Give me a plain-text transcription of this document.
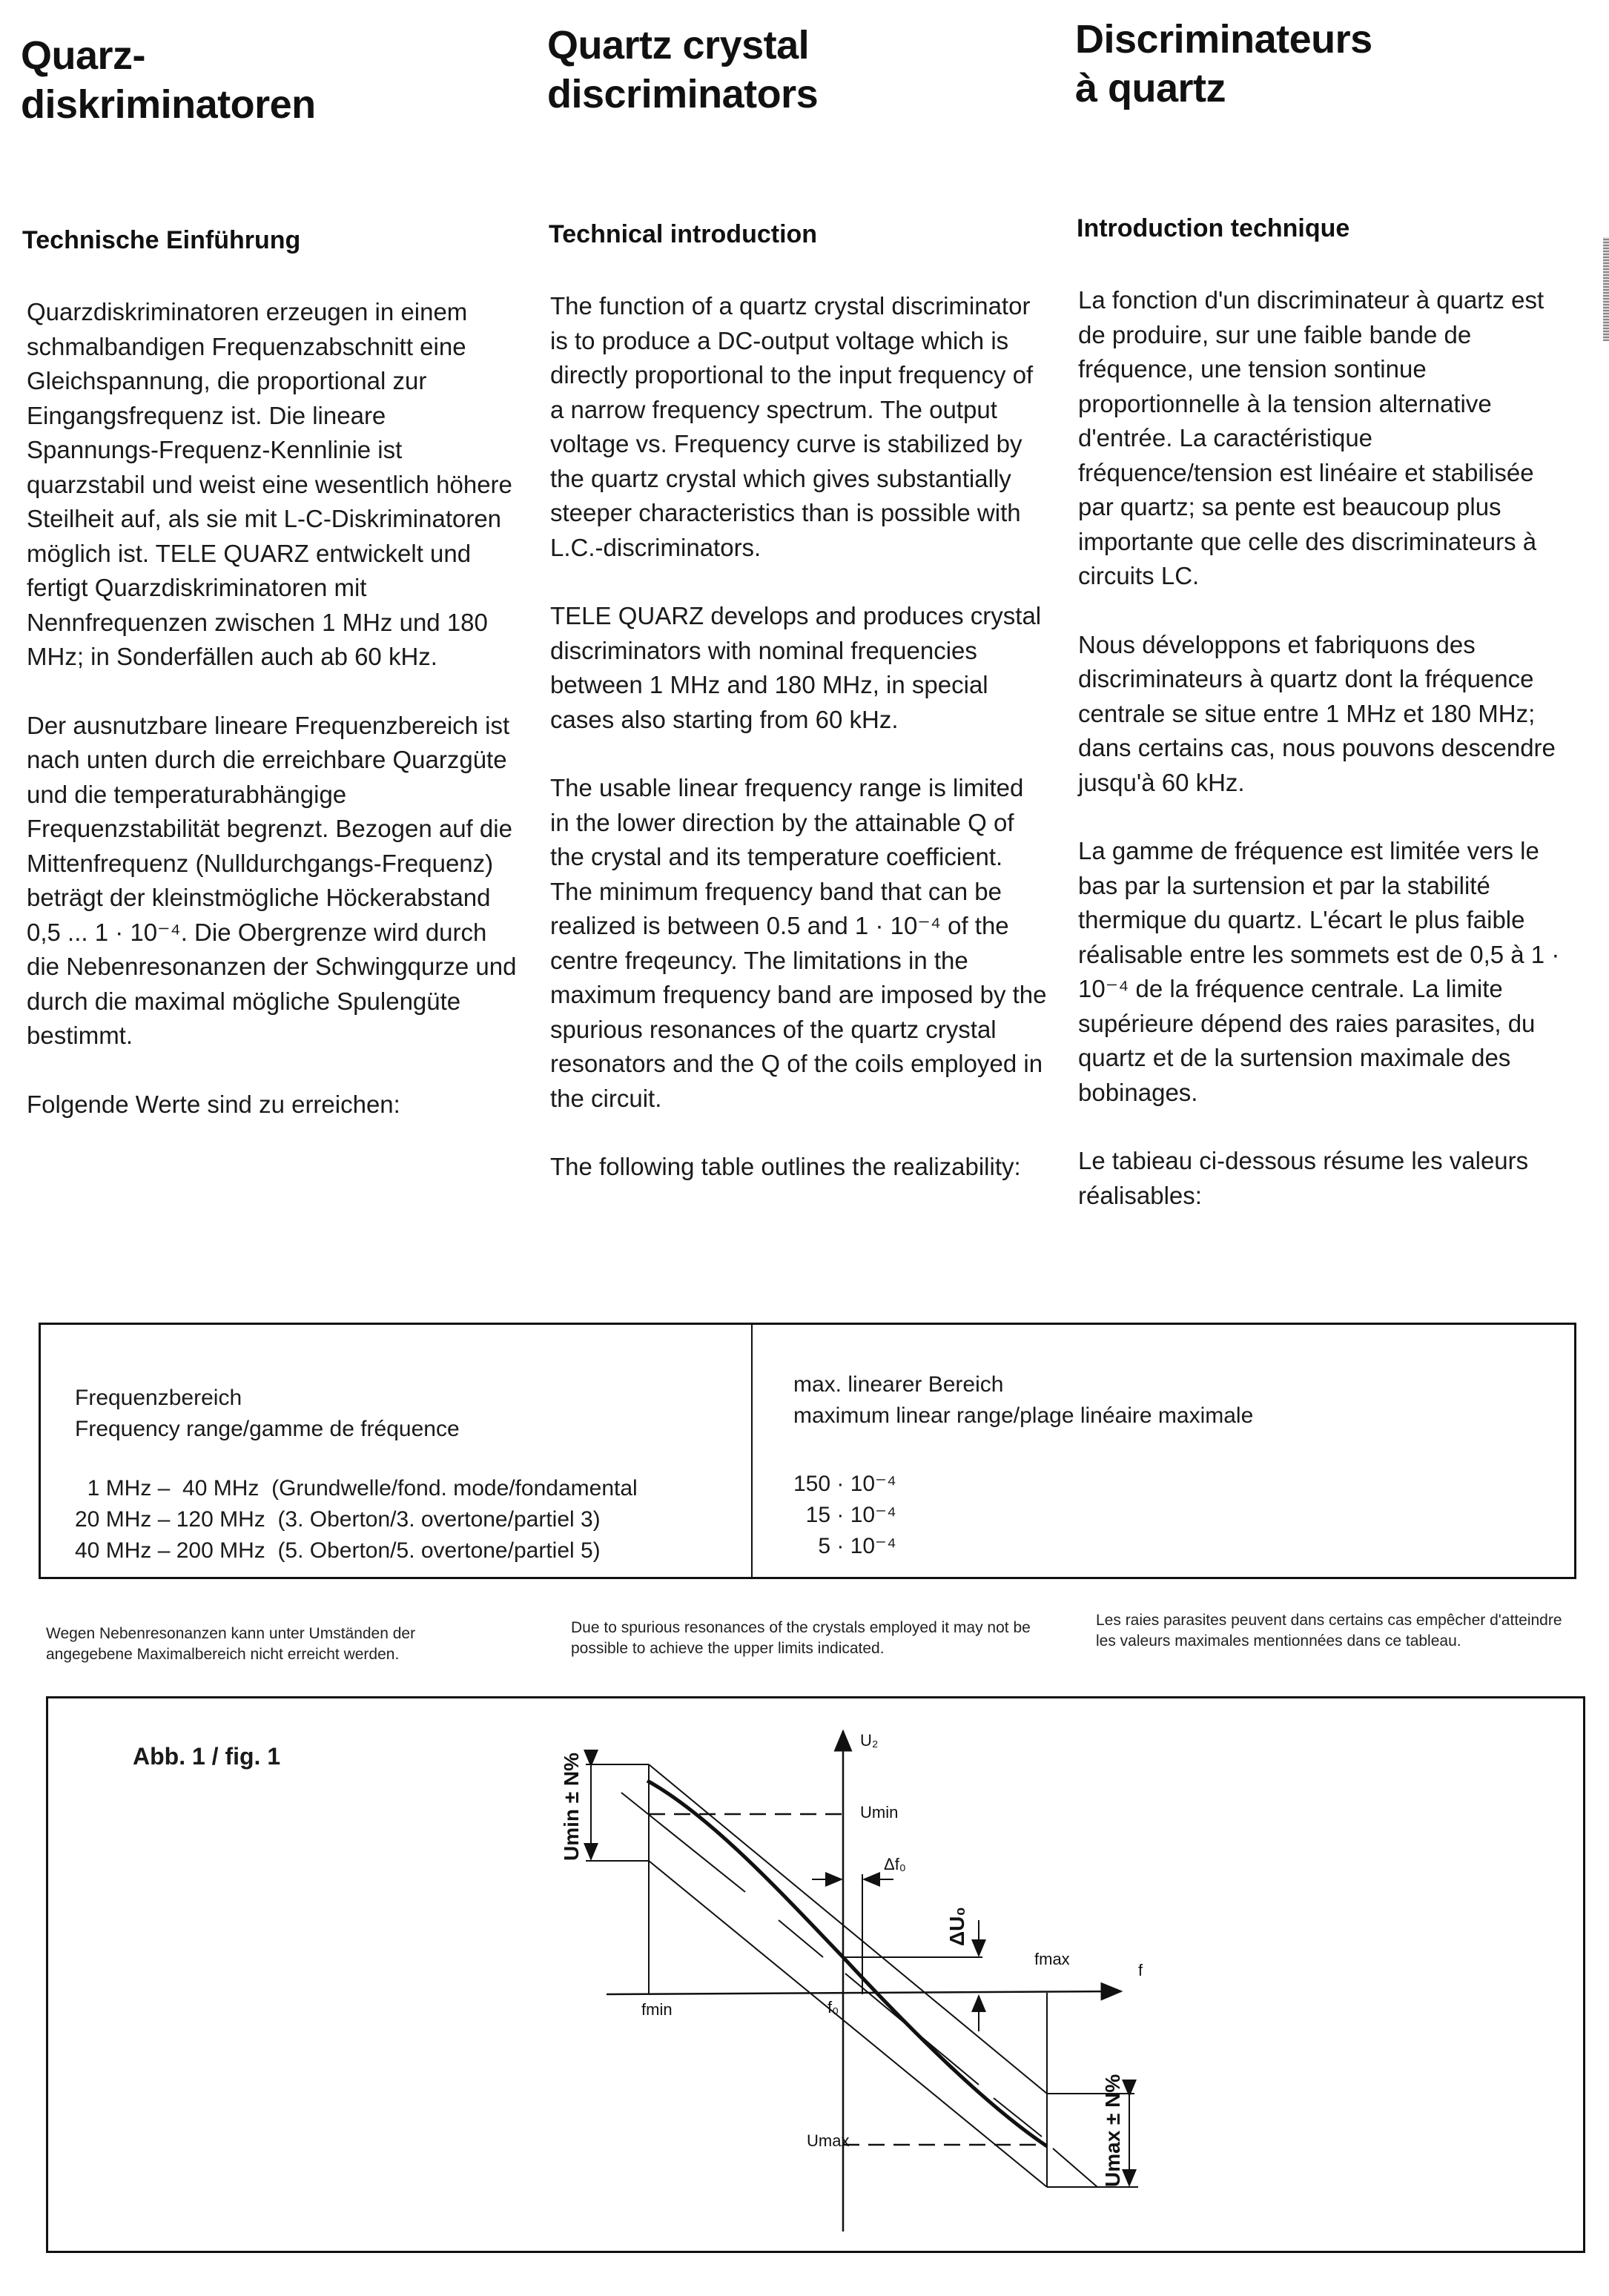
Quarz-
diskriminatoren
Quartz crystal
discriminators
Discriminateurs
à quartz
Technische Einführung	Technical introduction	Introduction technique

Quarzdiskriminatoren erzeugen in einem schmalbandigen Frequenzabschnitt eine Gleichspannung, die proportional zur Eingangsfrequenz ist. Die lineare Spannungs-Frequenz-Kennlinie ist quarzstabil und weist eine wesentlich höhere Steilheit auf, als sie mit L-C-Diskriminatoren möglich ist. TELE QUARZ entwickelt und fertigt Quarzdiskriminatoren mit Nennfrequenzen zwischen 1 MHz und 180 MHz; in Sonderfällen auch ab 60 kHz.

Der ausnutzbare lineare Frequenzbereich ist nach unten durch die erreichbare Quarzgüte und die temperaturabhängige Frequenzstabilität begrenzt. Bezogen auf die Mittenfrequenz (Nulldurchgangs-Frequenz) beträgt der kleinstmögliche Höckerabstand 0,5 ... 1 · 10⁻⁴. Die Obergrenze wird durch die Nebenresonanzen der Schwingqurze und durch die maximal mögliche Spulengüte bestimmt.

Folgende Werte sind zu erreichen:

The function of a quartz crystal discriminator is to produce a DC-output voltage which is directly proportional to the input frequency of a narrow frequency spectrum. The output voltage vs. Frequency curve is stabilized by the quartz crystal which gives substantially steeper characteristics than is possible with L.C.-discriminators.

TELE QUARZ develops and produces crystal discriminators with nominal frequencies between 1 MHz and 180 MHz, in special cases also starting from 60 kHz.

The usable linear frequency range is limited in the lower direction by the attainable Q of the crystal and its temperature coefficient. The minimum frequency band that can be realized is between 0.5 and 1 · 10⁻⁴ of the centre freqeuncy. The limitations in the maximum frequency band are imposed by the spurious resonances of the quartz crystal resonators and the Q of the coils employed in the circuit.

The following table outlines the realizability:

La fonction d'un discriminateur à quartz est de produire, sur une faible bande de fréquence, une tension sontinue proportionnelle à la tension alternative d'entrée. La caractéristique fréquence/tension est linéaire et stabilisée par quartz; sa pente est beaucoup plus importante que celle des discriminateurs à circuits LC.

Nous développons et fabriquons des discriminateurs à quartz dont la fréquence centrale se situe entre 1 MHz et 180 MHz; dans certains cas, nous pouvons descendre jusqu'à 60 kHz.

La gamme de fréquence est limitée vers le bas par la surtension et par la stabilité thermique du quartz. L'écart le plus faible réalisable entre les sommets est de 0,5 à 1 · 10⁻⁴ de la fréquence centrale. La limite supérieure dépend des raies parasites, du quartz et de la surtension maximale des bobinages.

Le tabieau ci-dessous résume les valeurs réalisables:

Frequenzbereich
Frequency range/gamme de fréquence
max. linearer Bereich
maximum linear range/plage linéaire maximale
1 MHz –  40 MHz (Grundwelle/fond. mode/fondamental
20 MHz – 120 MHz (3. Oberton/3. overtone/partiel 3)
40 MHz – 200 MHz (5. Oberton/5. overtone/partiel 5)
150 · 10⁻⁴
15 · 10⁻⁴
5 · 10⁻⁴
Wegen Nebenresonanzen kann unter Umständen der angegebene Maximalbereich nicht erreicht werden.
Due to spurious resonances of the crystals employed it may not be possible to achieve the upper limits indicated.
Les raies parasites peuvent dans certains cas empêcher d'atteindre les valeurs maximales mentionnées dans ce tableau.
Abb. 1 / fig. 1
U₂
Umin
Umax
fmin
fmax
f₀
f
Δf₀
ΔU₀
Umin ± N%
Umax ± N%
